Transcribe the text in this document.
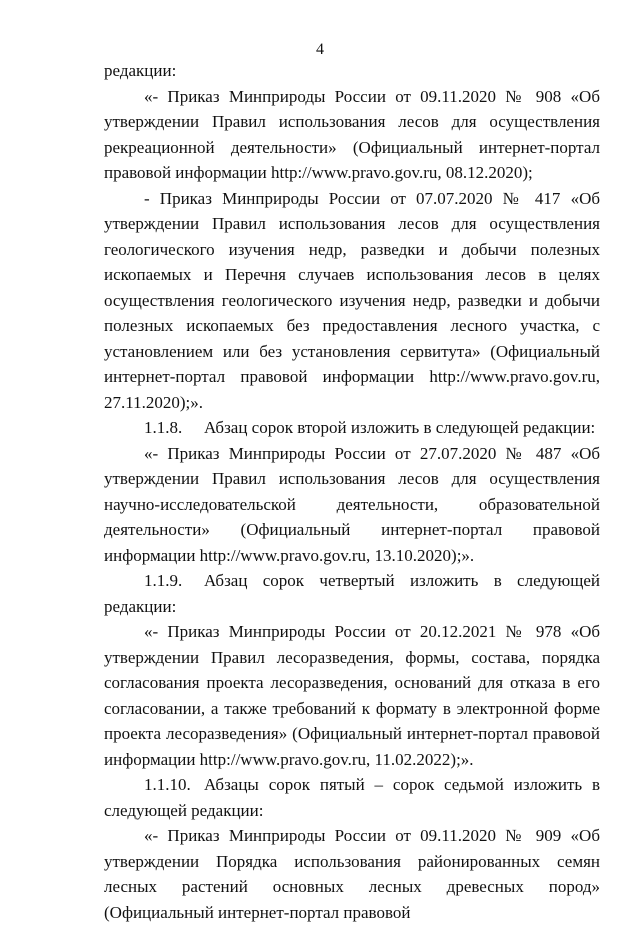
4

редакции:

«- Приказ Минприроды России от 09.11.2020 № 908 «Об утверждении Правил использования лесов для осуществления рекреационной деятельности» (Официальный интернет-портал правовой информации http://www.pravo.gov.ru, 08.12.2020);

- Приказ Минприроды России от 07.07.2020 № 417 «Об утверждении Правил использования лесов для осуществления геологического изучения недр, разведки и добычи полезных ископаемых и Перечня случаев использования лесов в целях осуществления геологического изучения недр, разведки и добычи полезных ископаемых без предоставления лесного участка, с установлением или без установления сервитута» (Официальный интернет-портал правовой информации http://www.pravo.gov.ru, 27.11.2020);».

1.1.8. Абзац сорок второй изложить в следующей редакции:

«- Приказ Минприроды России от 27.07.2020 № 487 «Об утверждении Правил использования лесов для осуществления научно-исследовательской деятельности, образовательной деятельности» (Официальный интернет-портал правовой информации http://www.pravo.gov.ru, 13.10.2020);».

1.1.9. Абзац сорок четвертый изложить в следующей редакции:

«- Приказ Минприроды России от 20.12.2021 № 978 «Об утверждении Правил лесоразведения, формы, состава, порядка согласования проекта лесоразведения, оснований для отказа в его согласовании, а также требований к формату в электронной форме проекта лесоразведения» (Официальный интернет-портал правовой информации http://www.pravo.gov.ru, 11.02.2022);».

1.1.10. Абзацы сорок пятый – сорок седьмой изложить в следующей редакции:

«- Приказ Минприроды России от 09.11.2020 № 909 «Об утверждении Порядка использования районированных семян лесных растений основных лесных древесных пород» (Официальный интернет-портал правовой
